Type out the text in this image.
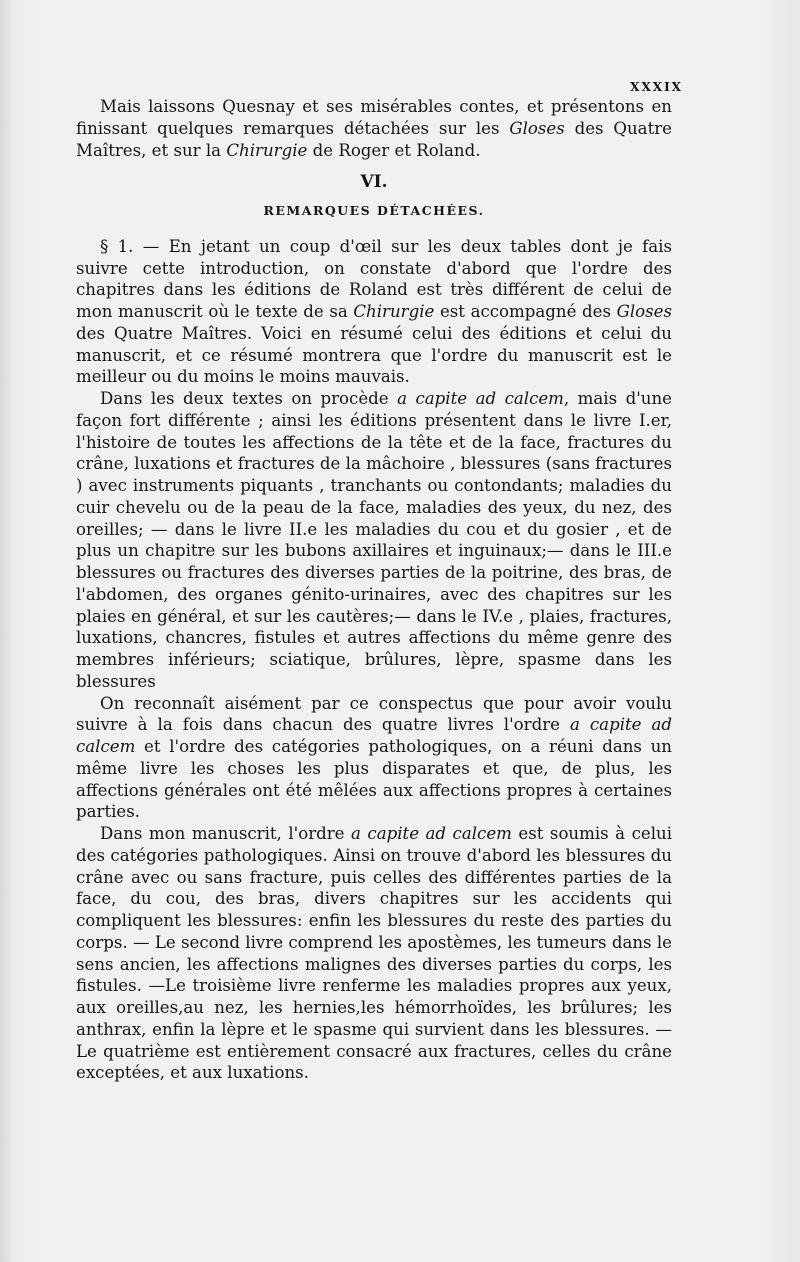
XXXIX

Mais laissons Quesnay et ses misérables contes, et présentons en finissant quelques remarques détachées sur les Gloses des Quatre Maîtres, et sur la Chirurgie de Roger et Roland.

VI.
REMARQUES DÉTACHÉES.

§ 1. — En jetant un coup d'œil sur les deux tables dont je fais suivre cette introduction, on constate d'abord que l'ordre des chapitres dans les éditions de Roland est très différent de celui de mon manuscrit où le texte de sa Chirurgie est accompagné des Gloses des Quatre Maîtres. Voici en résumé celui des éditions et celui du manuscrit, et ce résumé montrera que l'ordre du manuscrit est le meilleur ou du moins le moins mauvais.

Dans les deux textes on procède a capite ad calcem, mais d'une façon fort différente ; ainsi les éditions présentent dans le livre I.er, l'histoire de toutes les affections de la tête et de la face, fractures du crâne, luxations et fractures de la mâchoire , blessures (sans fractures ) avec instruments piquants , tranchants ou contondants; maladies du cuir chevelu ou de la peau de la face, maladies des yeux, du nez, des oreilles; — dans le livre II.e les maladies du cou et du gosier , et de plus un chapitre sur les bubons axillaires et inguinaux;— dans le III.e blessures ou fractures des diverses parties de la poitrine, des bras, de l'abdomen, des organes génito-urinaires, avec des chapitres sur les plaies en général, et sur les cautères;— dans le IV.e , plaies, fractures, luxations, chancres, fistules et autres affections du même genre des membres inférieurs; sciatique, brûlures, lèpre, spasme dans les blessures

On reconnaît aisément par ce conspectus que pour avoir voulu suivre à la fois dans chacun des quatre livres l'ordre a capite ad calcem et l'ordre des catégories pathologiques, on a réuni dans un même livre les choses les plus disparates et que, de plus, les affections générales ont été mêlées aux affections propres à certaines parties.

Dans mon manuscrit, l'ordre a capite ad calcem est soumis à celui des catégories pathologiques. Ainsi on trouve d'abord les blessures du crâne avec ou sans fracture, puis celles des différentes parties de la face, du cou, des bras, divers chapitres sur les accidents qui compliquent les blessures: enfin les blessures du reste des parties du corps. — Le second livre comprend les apostèmes, les tumeurs dans le sens ancien, les affections malignes des diverses parties du corps, les fistules. —Le troisième livre renferme les maladies propres aux yeux, aux oreilles,au nez, les hernies,les hémorrhoïdes, les brûlures; les anthrax, enfin la lèpre et le spasme qui survient dans les blessures. — Le quatrième est entièrement consacré aux fractures, celles du crâne exceptées, et aux luxations.
